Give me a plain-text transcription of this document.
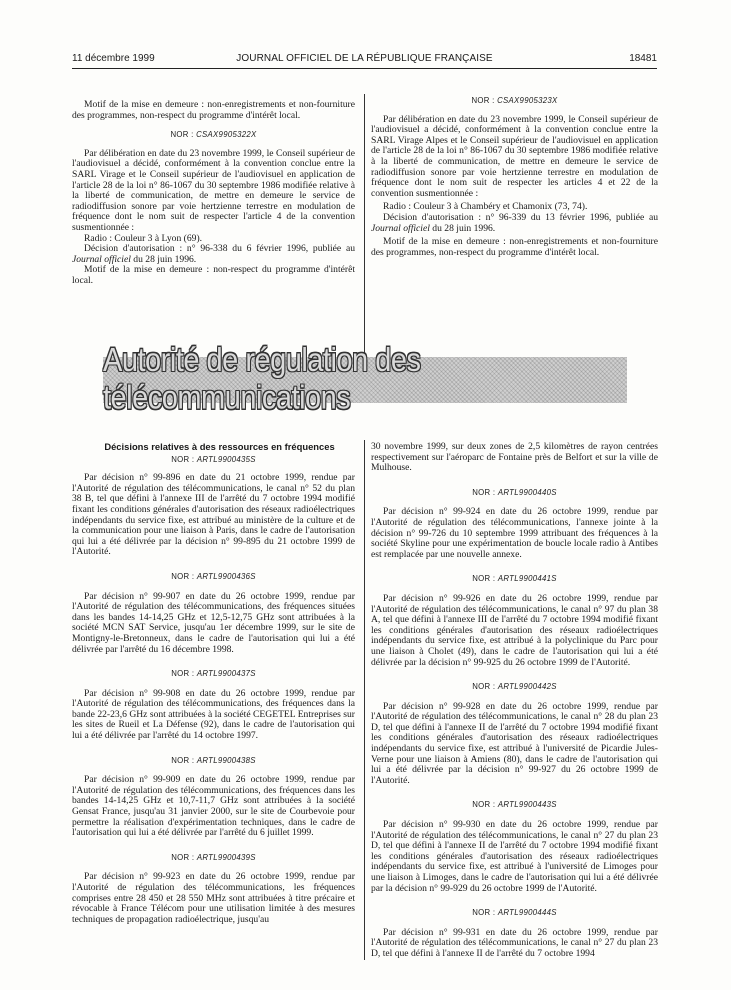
11 décembre 1999	JOURNAL OFFICIEL DE LA RÉPUBLIQUE FRANÇAISE	18481

Motif de la mise en demeure : non-enregistrements et non-fourniture des programmes, non-respect du programme d'intérêt local.

NOR : CSAX9905322X

Par délibération en date du 23 novembre 1999, le Conseil supérieur de l'audiovisuel a décidé, conformément à la convention conclue entre la SARL Virage et le Conseil supérieur de l'audiovisuel en application de l'article 28 de la loi n° 86-1067 du 30 septembre 1986 modifiée relative à la liberté de communication, de mettre en demeure le service de radiodiffusion sonore par voie hertzienne terrestre en modulation de fréquence dont le nom suit de respecter l'article 4 de la convention susmentionnée :

Radio : Couleur 3 à Lyon (69).

Décision d'autorisation : n° 96-338 du 6 février 1996, publiée au Journal officiel du 28 juin 1996.

Motif de la mise en demeure : non-respect du programme d'intérêt local.

NOR : CSAX9905323X

Par délibération en date du 23 novembre 1999, le Conseil supérieur de l'audiovisuel a décidé, conformément à la convention conclue entre la SARL Virage Alpes et le Conseil supérieur de l'audiovisuel en application de l'article 28 de la loi n° 86-1067 du 30 septembre 1986 modifiée relative à la liberté de communication, de mettre en demeure le service de radiodiffusion sonore par voie hertzienne terrestre en modulation de fréquence dont le nom suit de respecter les articles 4 et 22 de la convention susmentionnée :

Radio : Couleur 3 à Chambéry et Chamonix (73, 74).

Décision d'autorisation : n° 96-339 du 13 février 1996, publiée au Journal officiel du 28 juin 1996.

Motif de la mise en demeure : non-enregistrements et non-fourniture des programmes, non-respect du programme d'intérêt local.

Autorité de régulation des télécommunications

Décisions relatives à des ressources en fréquences

NOR : ARTL9900435S

Par décision n° 99-896 en date du 21 octobre 1999, rendue par l'Autorité de régulation des télécommunications, le canal n° 52 du plan 38 B, tel que défini à l'annexe III de l'arrêté du 7 octobre 1994 modifié fixant les conditions générales d'autorisation des réseaux radioélectriques indépendants du service fixe, est attribué au ministère de la culture et de la communication pour une liaison à Paris, dans le cadre de l'autorisation qui lui a été délivrée par la décision n° 99-895 du 21 octobre 1999 de l'Autorité.

NOR : ARTL9900436S

Par décision n° 99-907 en date du 26 octobre 1999, rendue par l'Autorité de régulation des télécommunications, des fréquences situées dans les bandes 14-14,25 GHz et 12,5-12,75 GHz sont attribuées à la société MCN SAT Service, jusqu'au 1er décembre 1999, sur le site de Montigny-le-Bretonneux, dans le cadre de l'autorisation qui lui a été délivrée par l'arrêté du 16 décembre 1998.

NOR : ARTL9900437S

Par décision n° 99-908 en date du 26 octobre 1999, rendue par l'Autorité de régulation des télécommunications, des fréquences dans la bande 22-23,6 GHz sont attribuées à la société CEGETEL Entreprises sur les sites de Rueil et La Défense (92), dans le cadre de l'autorisation qui lui a été délivrée par l'arrêté du 14 octobre 1997.

NOR : ARTL9900438S

Par décision n° 99-909 en date du 26 octobre 1999, rendue par l'Autorité de régulation des télécommunications, des fréquences dans les bandes 14-14,25 GHz et 10,7-11,7 GHz sont attribuées à la société Gensat France, jusqu'au 31 janvier 2000, sur le site de Courbevoie pour permettre la réalisation d'expérimentation techniques, dans le cadre de l'autorisation qui lui a été délivrée par l'arrêté du 6 juillet 1999.

NOR : ARTL9900439S

Par décision n° 99-923 en date du 26 octobre 1999, rendue par l'Autorité de régulation des télécommunications, les fréquences comprises entre 28 450 et 28 550 MHz sont attribuées à titre précaire et révocable à France Télécom pour une utilisation limitée à des mesures techniques de propagation radioélectrique, jusqu'au

30 novembre 1999, sur deux zones de 2,5 kilomètres de rayon centrées respectivement sur l'aéroparc de Fontaine près de Belfort et sur la ville de Mulhouse.

NOR : ARTL9900440S

Par décision n° 99-924 en date du 26 octobre 1999, rendue par l'Autorité de régulation des télécommunications, l'annexe jointe à la décision n° 99-726 du 10 septembre 1999 attribuant des fréquences à la société Skyline pour une expérimentation de boucle locale radio à Antibes est remplacée par une nouvelle annexe.

NOR : ARTL9900441S

Par décision n° 99-926 en date du 26 octobre 1999, rendue par l'Autorité de régulation des télécommunications, le canal n° 97 du plan 38 A, tel que défini à l'annexe III de l'arrêté du 7 octobre 1994 modifié fixant les conditions générales d'autorisation des réseaux radioélectriques indépendants du service fixe, est attribué à la polyclinique du Parc pour une liaison à Cholet (49), dans le cadre de l'autorisation qui lui a été délivrée par la décision n° 99-925 du 26 octobre 1999 de l'Autorité.

NOR : ARTL9900442S

Par décision n° 99-928 en date du 26 octobre 1999, rendue par l'Autorité de régulation des télécommunications, le canal n° 28 du plan 23 D, tel que défini à l'annexe II de l'arrêté du 7 octobre 1994 modifié fixant les conditions générales d'autorisation des réseaux radioélectriques indépendants du service fixe, est attribué à l'université de Picardie Jules-Verne pour une liaison à Amiens (80), dans le cadre de l'autorisation qui lui a été délivrée par la décision n° 99-927 du 26 octobre 1999 de l'Autorité.

NOR : ARTL9900443S

Par décision n° 99-930 en date du 26 octobre 1999, rendue par l'Autorité de régulation des télécommunications, le canal n° 27 du plan 23 D, tel que défini à l'annexe II de l'arrêté du 7 octobre 1994 modifié fixant les conditions générales d'autorisation des réseaux radioélectriques indépendants du service fixe, est attribué à l'université de Limoges pour une liaison à Limoges, dans le cadre de l'autorisation qui lui a été délivrée par la décision n° 99-929 du 26 octobre 1999 de l'Autorité.

NOR : ARTL9900444S

Par décision n° 99-931 en date du 26 octobre 1999, rendue par l'Autorité de régulation des télécommunications, le canal n° 27 du plan 23 D, tel que défini à l'annexe II de l'arrêté du 7 octobre 1994
